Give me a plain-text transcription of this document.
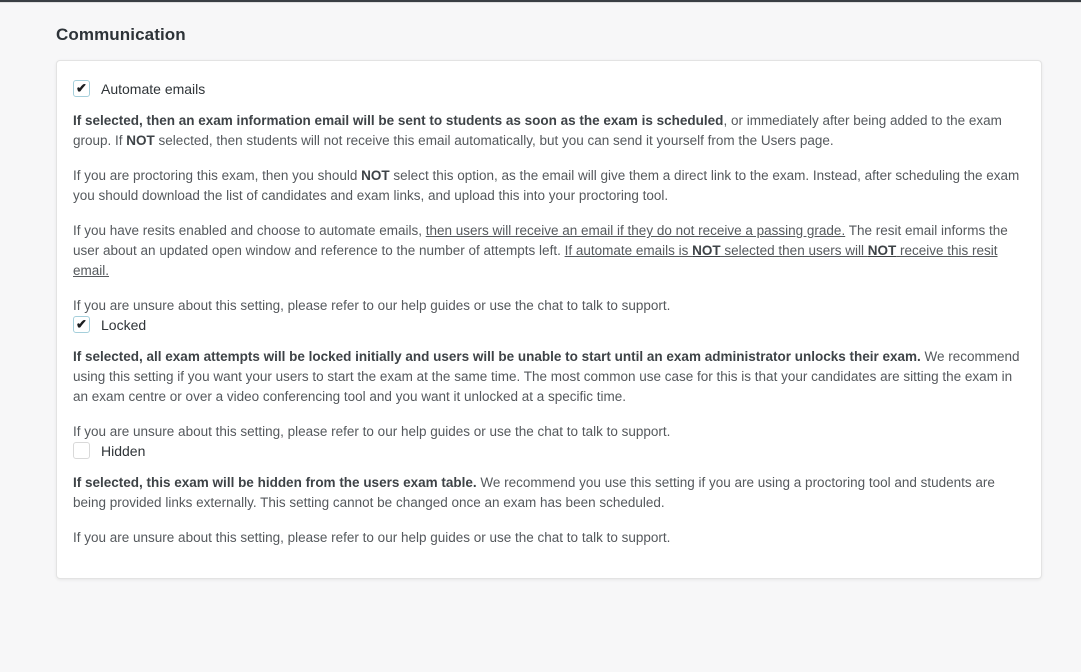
Communication
✔ Automate emails

If selected, then an exam information email will be sent to students as soon as the exam is scheduled, or immediately after being added to the exam group. If NOT selected, then students will not receive this email automatically, but you can send it yourself from the Users page.

If you are proctoring this exam, then you should NOT select this option, as the email will give them a direct link to the exam. Instead, after scheduling the exam you should download the list of candidates and exam links, and upload this into your proctoring tool.

If you have resits enabled and choose to automate emails, then users will receive an email if they do not receive a passing grade. The resit email informs the user about an updated open window and reference to the number of attempts left. If automate emails is NOT selected then users will NOT receive this resit email.

If you are unsure about this setting, please refer to our help guides or use the chat to talk to support.

✔ Locked

If selected, all exam attempts will be locked initially and users will be unable to start until an exam administrator unlocks their exam. We recommend using this setting if you want your users to start the exam at the same time. The most common use case for this is that your candidates are sitting the exam in an exam centre or over a video conferencing tool and you want it unlocked at a specific time.

If you are unsure about this setting, please refer to our help guides or use the chat to talk to support.

Hidden

If selected, this exam will be hidden from the users exam table. We recommend you use this setting if you are using a proctoring tool and students are being provided links externally. This setting cannot be changed once an exam has been scheduled.

If you are unsure about this setting, please refer to our help guides or use the chat to talk to support.
